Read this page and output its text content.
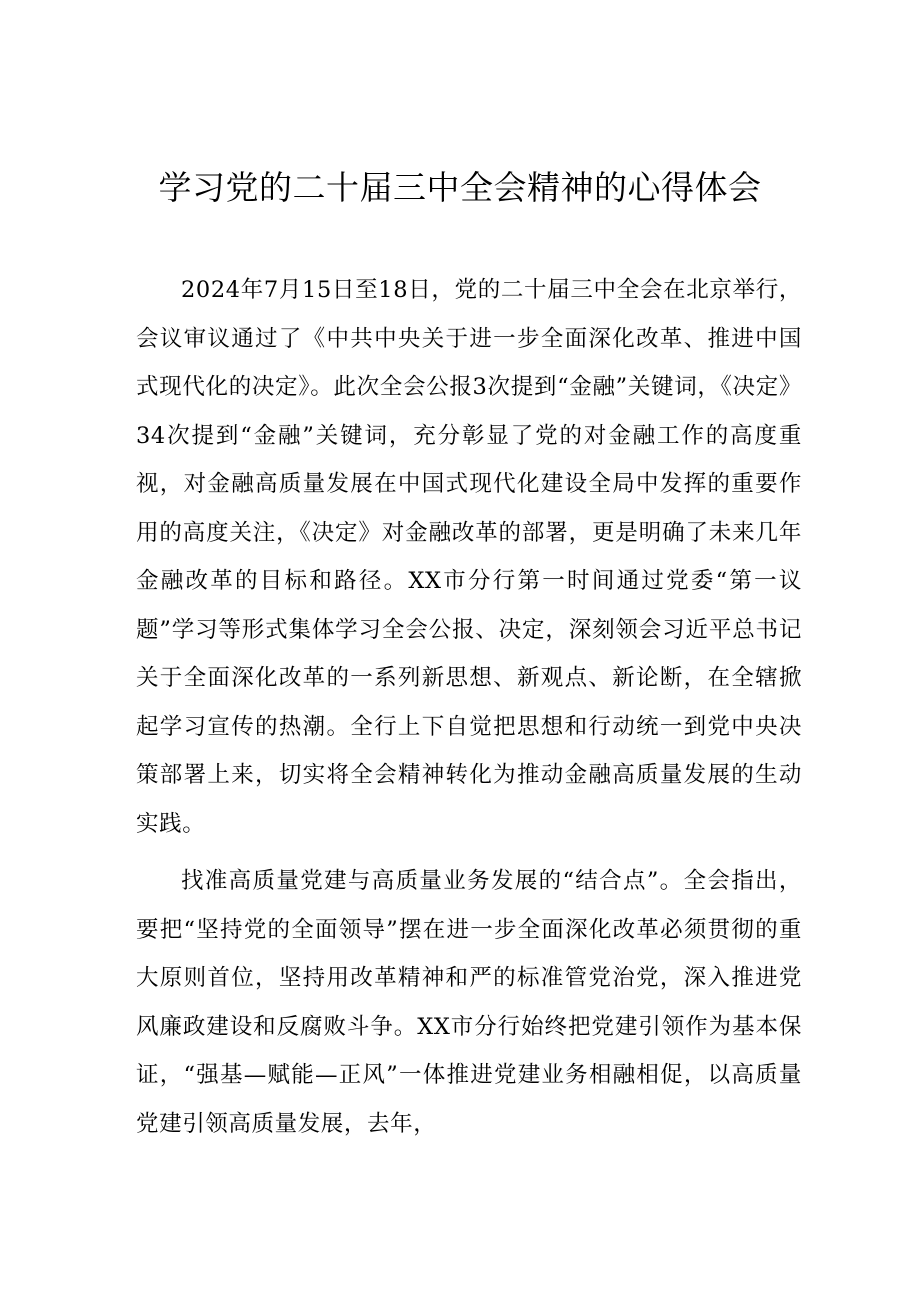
学习党的二十届三中全会精神的心得体会

2024年7月15日至18日，党的二十届三中全会在北京举行，会议审议通过了《中共中央关于进一步全面深化改革、推进中国式现代化的决定》。此次全会公报3次提到“金融”关键词，《决定》34次提到“金融”关键词，充分彰显了党的对金融工作的高度重视，对金融高质量发展在中国式现代化建设全局中发挥的重要作用的高度关注，《决定》对金融改革的部署，更是明确了未来几年金融改革的目标和路径。XX市分行第一时间通过党委“第一议题”学习等形式集体学习全会公报、决定，深刻领会习近平总书记关于全面深化改革的一系列新思想、新观点、新论断，在全辖掀起学习宣传的热潮。全行上下自觉把思想和行动统一到党中央决策部署上来，切实将全会精神转化为推动金融高质量发展的生动实践。

找准高质量党建与高质量业务发展的“结合点”。全会指出，要把“坚持党的全面领导”摆在进一步全面深化改革必须贯彻的重大原则首位，坚持用改革精神和严的标准管党治党，深入推进党风廉政建设和反腐败斗争。XX市分行始终把党建引领作为基本保证，“强基—赋能—正风”一体推进党建业务相融相促，以高质量党建引领高质量发展，去年，
